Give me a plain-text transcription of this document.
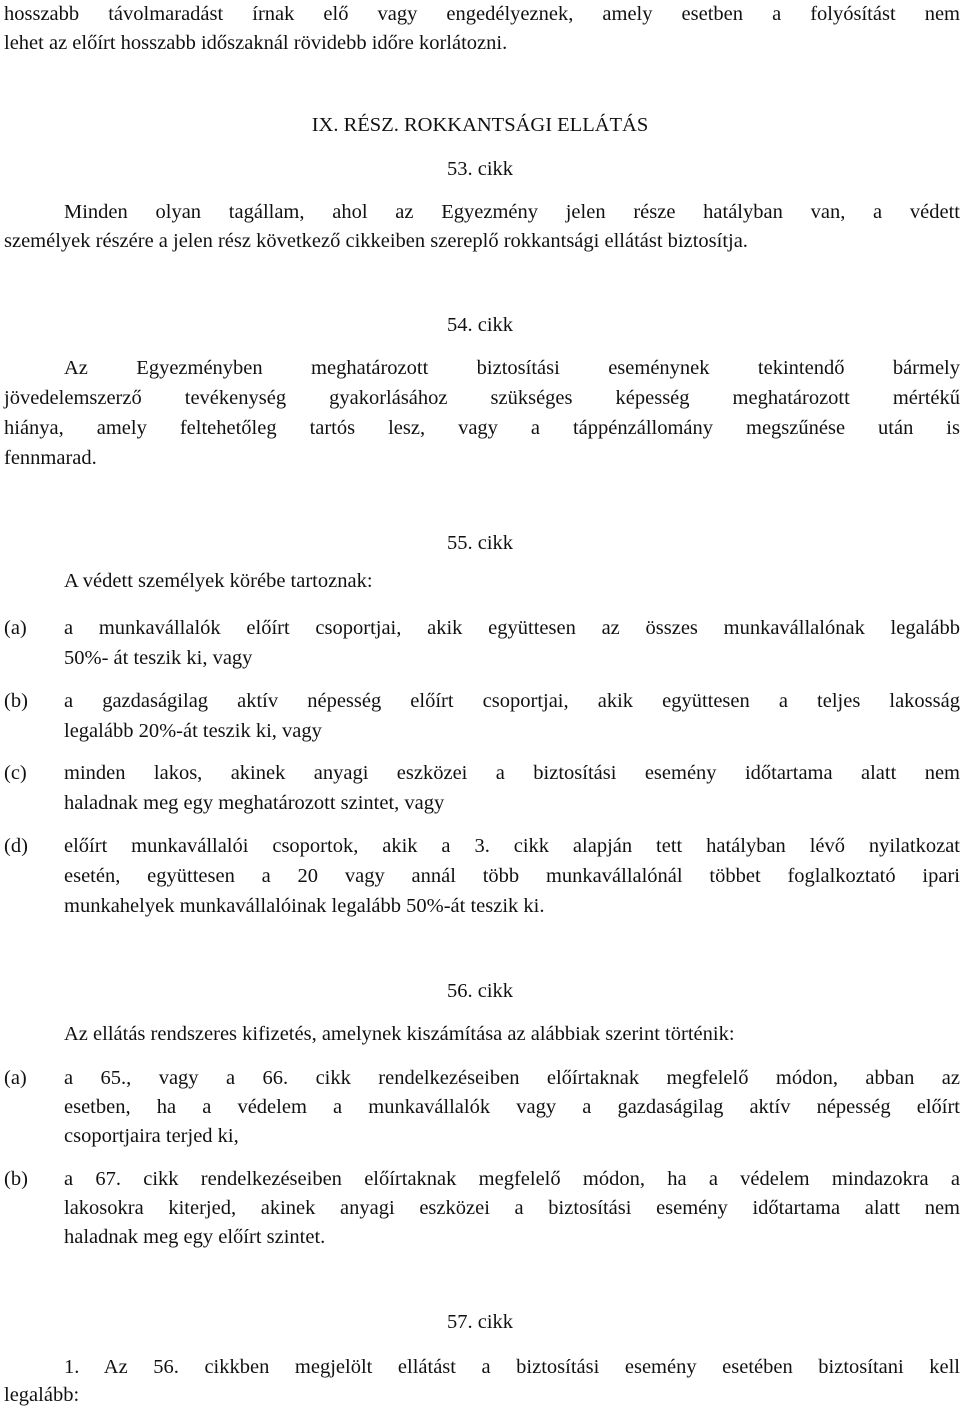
hosszabb távolmaradást írnak elő vagy engedélyeznek, amely esetben a folyósítást nem
lehet az előírt hosszabb időszaknál rövidebb időre korlátozni.
IX. RÉSZ. ROKKANTSÁGI ELLÁTÁS
53. cikk
Minden olyan tagállam, ahol az Egyezmény jelen része hatályban van, a védett
személyek részére a jelen rész következő cikkeiben szereplő rokkantsági ellátást biztosítja.
54. cikk
Az Egyezményben meghatározott biztosítási eseménynek tekintendő bármely
jövedelemszerző tevékenység gyakorlásához szükséges képesség meghatározott mértékű
hiánya, amely feltehetőleg tartós lesz, vagy a táppénzállomány megszűnése után is
fennmarad.
55. cikk
A védett személyek körébe tartoznak:
(a) a munkavállalók előírt csoportjai, akik együttesen az összes munkavállalónak legalább
50%- át teszik ki, vagy
(b) a gazdaságilag aktív népesség előírt csoportjai, akik együttesen a teljes lakosság
legalább 20%-át teszik ki, vagy
(c) minden lakos, akinek anyagi eszközei a biztosítási esemény időtartama alatt nem
haladnak meg egy meghatározott szintet, vagy
(d) előírt munkavállalói csoportok, akik a 3. cikk alapján tett hatályban lévő nyilatkozat
esetén, együttesen a 20 vagy annál több munkavállalónál többet foglalkoztató ipari
munkahelyek munkavállalóinak legalább 50%-át teszik ki.
56. cikk
Az ellátás rendszeres kifizetés, amelynek kiszámítása az alábbiak szerint történik:
(a) a 65., vagy a 66. cikk rendelkezéseiben előírtaknak megfelelő módon, abban az
esetben, ha a védelem a munkavállalók vagy a gazdaságilag aktív népesség előírt
csoportjaira terjed ki,
(b) a 67. cikk rendelkezéseiben előírtaknak megfelelő módon, ha a védelem mindazokra a
lakosokra kiterjed, akinek anyagi eszközei a biztosítási esemény időtartama alatt nem
haladnak meg egy előírt szintet.
57. cikk
1. Az 56. cikkben megjelölt ellátást a biztosítási esemény esetében biztosítani kell
legalább:
